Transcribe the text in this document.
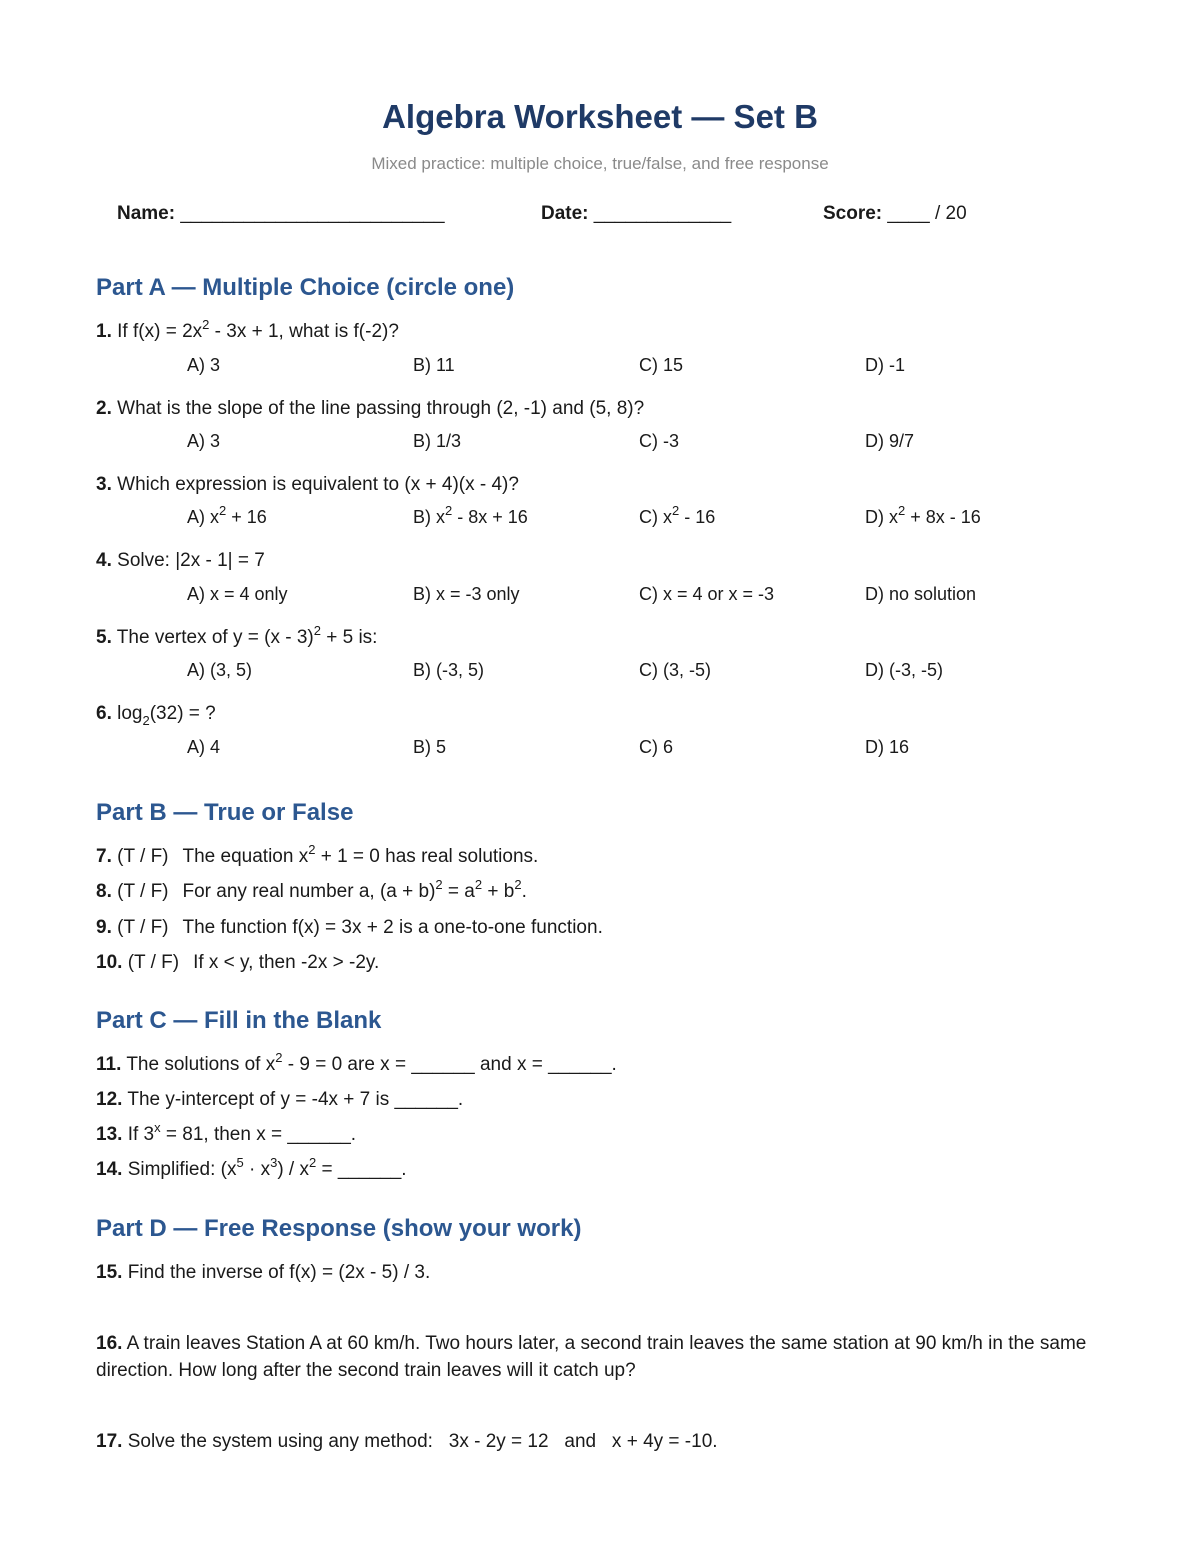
Algebra Worksheet — Set B
Mixed practice: multiple choice, true/false, and free response
Name: _________________________	Date: _____________	Score: ____ / 20
Part A — Multiple Choice (circle one)
1. If $f(x) = 2x^2 - 3x + 1$, what is f(-2)?
A) 3	B) 11	C) 15	D) -1
2. What is the slope of the line passing through (2, -1) and (5, 8)?
A) 3	B) 1/3	C) -3	D) 9/7
3. Which expression is equivalent to (x + 4)(x - 4)?
A) $x^2 + 16$	B) $x^2 - 8x + 16$	C) $x^2 - 16$	D) $x^2 + 8x - 16$
4. Solve: |2x - 1| = 7
A) x = 4 only	B) x = -3 only	C) x = 4 or x = -3	D) no solution
5. The vertex of y = (x - 3)$^2$ + 5 is:
A) (3, 5)	B) (-3, 5)	C) (3, -5)	D) (-3, -5)
6. $\log_2(32)$ = ?
A) 4	B) 5	C) 6	D) 16
Part B — True or False
7. (T / F) The equation $x^2 + 1 = 0$ has real solutions.
8. (T / F) For any real number a, $(a + b)^2 = a^2 + b^2$.
9. (T / F) The function f(x) = 3x + 2 is a one-to-one function.
10. (T / F) If x < y, then -2x > -2y.
Part C — Fill in the Blank
11. The solutions of $x^2 - 9 = 0$ are x = ______ and x = ______.
12. The y-intercept of y = -4x + 7 is ______.
13. If $3^x = 81$, then x = ______.
14. Simplified: $(x^5 \cdot x^3) / x^2$ = ______.
Part D — Free Response (show your work)
15. Find the inverse of f(x) = (2x - 5) / 3.
16. A train leaves Station A at 60 km/h. Two hours later, a second train leaves the same station at 90 km/h in the same direction. How long after the second train leaves will it catch up?
17. Solve the system using any method:   3x - 2y = 12   and   x + 4y = -10.
